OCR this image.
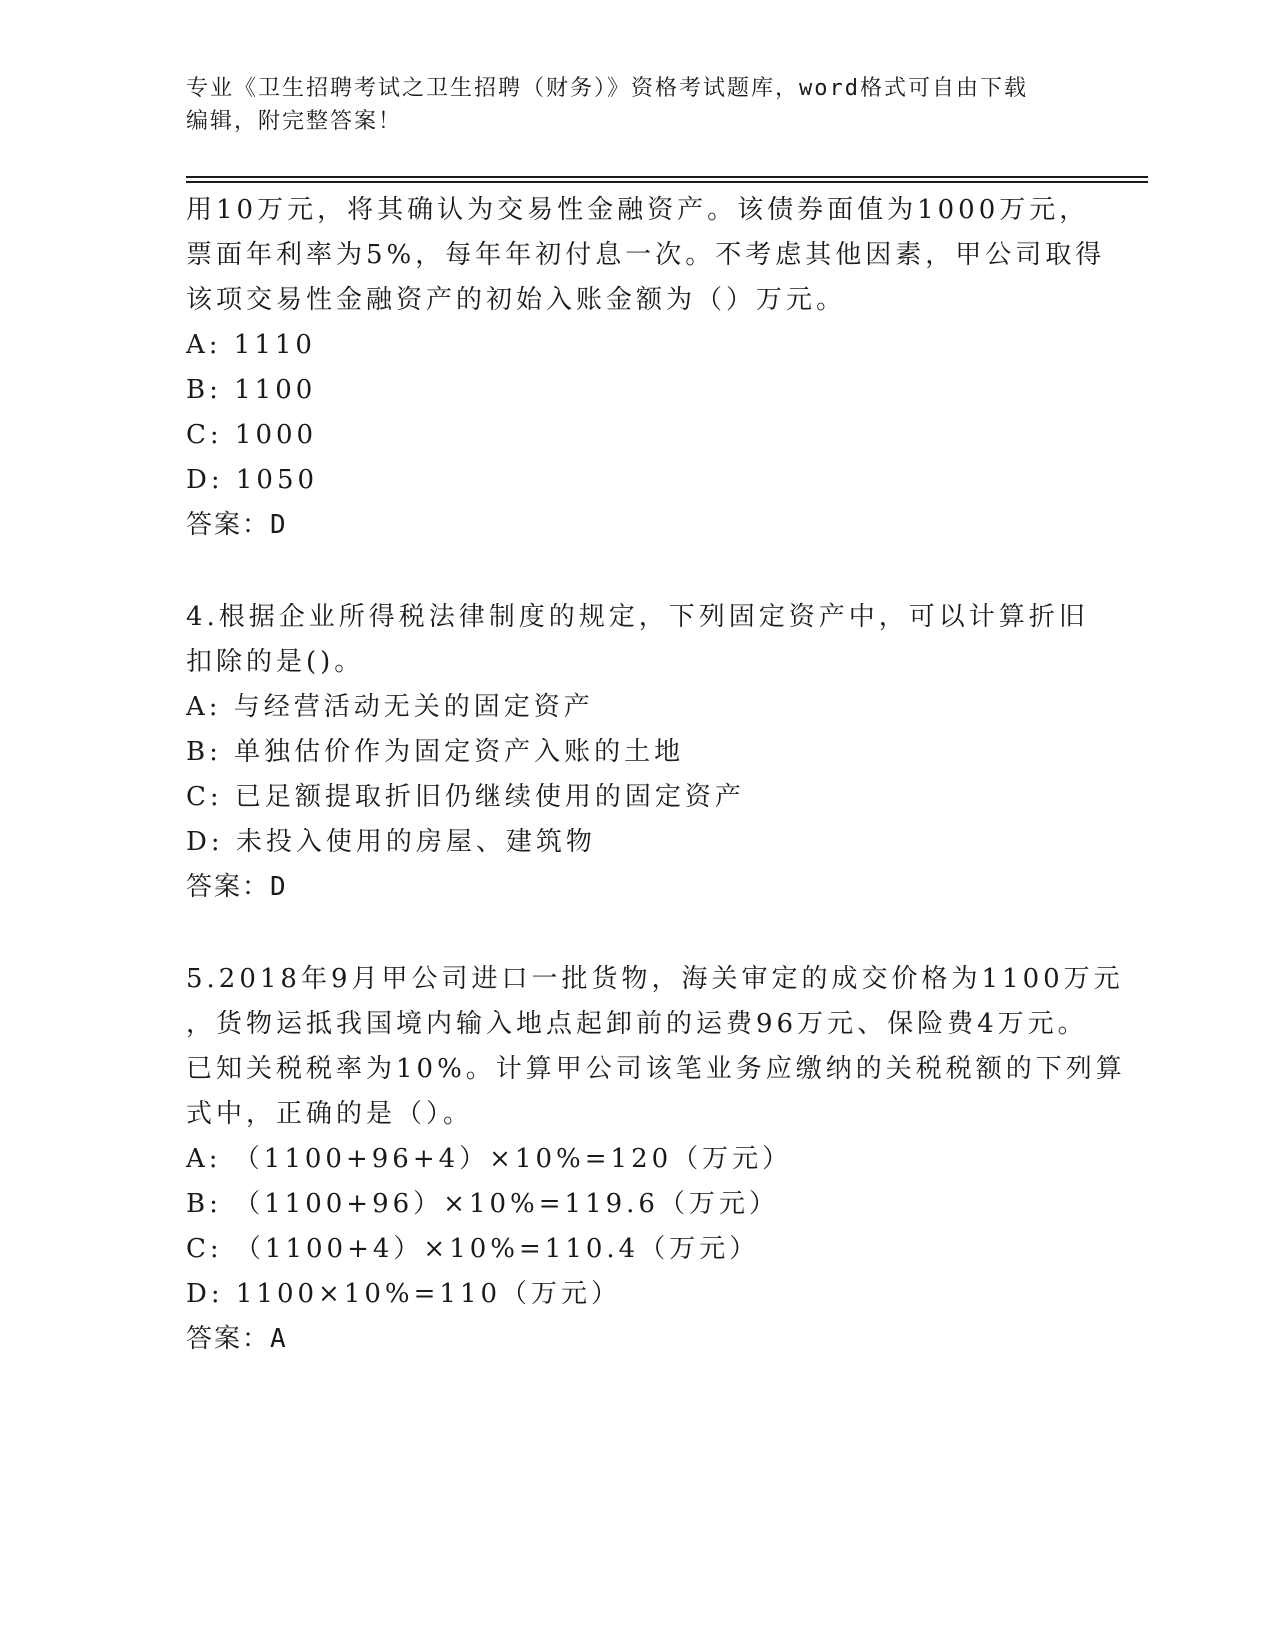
专业《卫生招聘考试之卫生招聘（财务）》资格考试题库，word格式可自由下载
编辑，附完整答案！
用10万元，将其确认为交易性金融资产。该债券面值为1000万元，
票面年利率为5%，每年年初付息一次。不考虑其他因素，甲公司取得
该项交易性金融资产的初始入账金额为（）万元。
A: 1110
B: 1100
C: 1000
D: 1050
答案：D
4.根据企业所得税法律制度的规定，下列固定资产中，可以计算折旧
扣除的是()。
A: 与经营活动无关的固定资产
B: 单独估价作为固定资产入账的土地
C: 已足额提取折旧仍继续使用的固定资产
D: 未投入使用的房屋、建筑物
答案：D
5.2018年9月甲公司进口一批货物，海关审定的成交价格为1100万元
，货物运抵我国境内输入地点起卸前的运费96万元、保险费4万元。
已知关税税率为10%。计算甲公司该笔业务应缴纳的关税税额的下列算
式中，正确的是（）。
A: （1100+96+4）×10%=120（万元）
B: （1100+96）×10%=119.6（万元）
C: （1100+4）×10%=110.4（万元）
D: 1100×10%=110（万元）
答案：A
